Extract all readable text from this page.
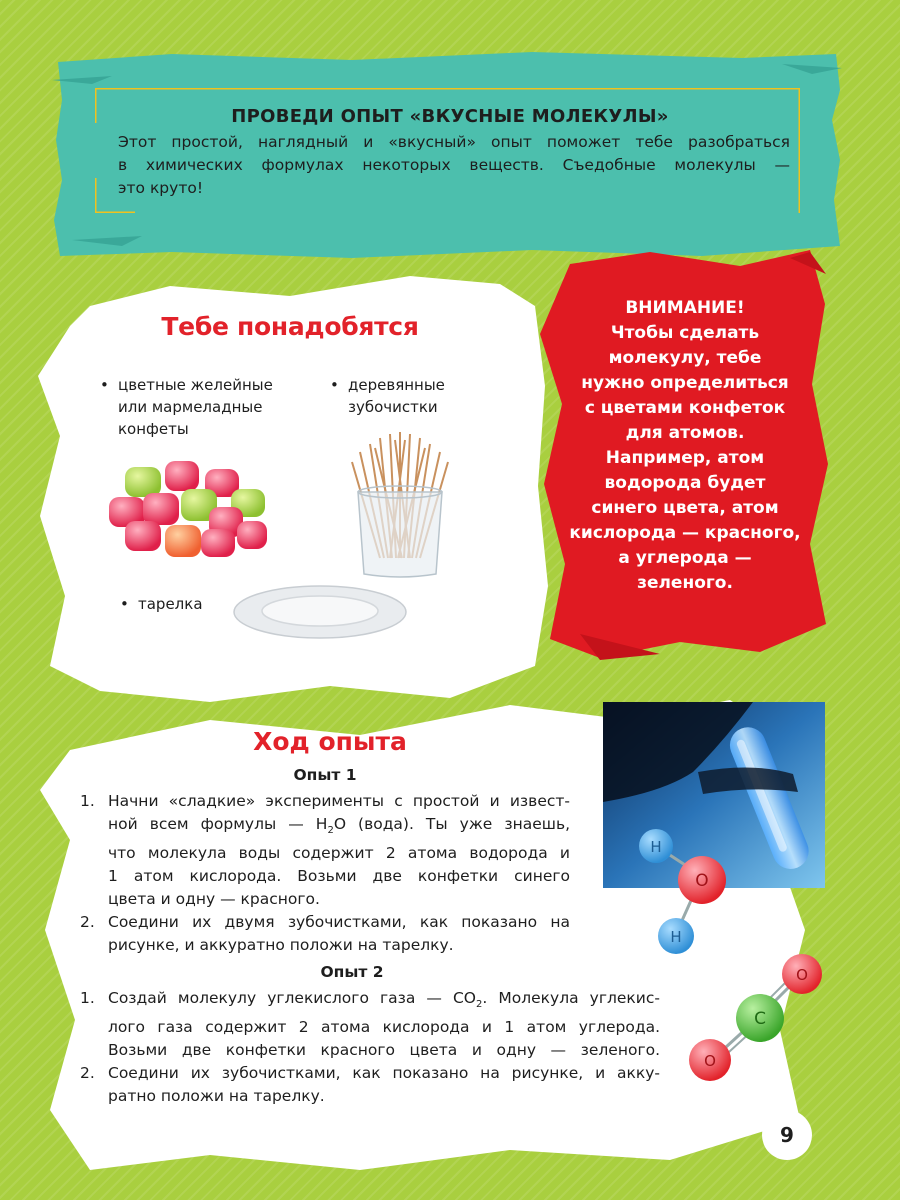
ПРОВЕДИ ОПЫТ «ВКУСНЫЕ МОЛЕКУЛЫ»
Этот простой, наглядный и «вкусный» опыт поможет тебе разобраться
в химических формулах некоторых веществ. Съедобные молекулы —
это круто!
Тебе понадобятся
• цветные желейные
или мармеладные
конфеты
• деревянные
зубочистки
• тарелка
ВНИМАНИЕ!
Чтобы сделать
молекулу, тебе
нужно определиться
с цветами конфеток
для атомов.
Например, атом
водорода будет
синего цвета, атом
кислорода — красного,
а углерода —
зеленого.
H
O
H
O
C
O
Ход опыта
Опыт 1
1. Начни «сладкие» эксперименты с простой и извест-
ной всем формулы — $H_2O$ (вода). Ты уже знаешь,
что молекула воды содержит 2 атома водорода и
1 атом кислорода. Возьми две конфетки синего
цвета и одну — красного.
2. Соедини их двумя зубочистками, как показано на
рисунке, и аккуратно положи на тарелку.
Опыт 2
1. Создай молекулу углекислого газа — $CO_2$. Молекула углекис-
лого газа содержит 2 атома кислорода и 1 атом углерода.
Возьми две конфетки красного цвета и одну — зеленого.
2. Соедини их зубочистками, как показано на рисунке, и акку-
ратно положи на тарелку.
9
